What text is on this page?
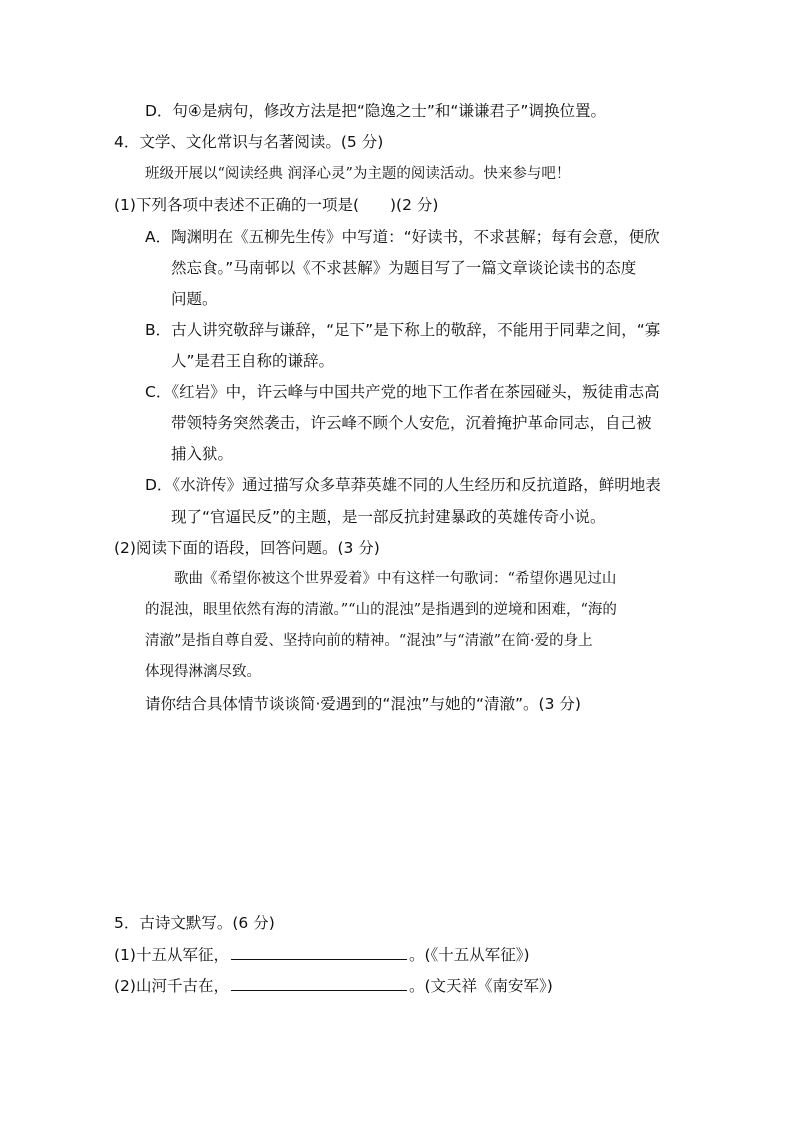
D．句④是病句，修改方法是把“隐逸之士”和“谦谦君子”调换位置。
4．文学、文化常识与名著阅读。(5 分)
班级开展以“阅读经典 润泽心灵”为主题的阅读活动。快来参与吧！
(1)下列各项中表述不正确的一项是(　　)(2 分)
A．陶渊明在《五柳先生传》中写道：“好读书，不求甚解；每有会意，便欣
然忘食。”马南邨以《不求甚解》为题目写了一篇文章谈论读书的态度
问题。
B．古人讲究敬辞与谦辞，“足下”是下称上的敬辞，不能用于同辈之间，“寡
人”是君王自称的谦辞。
C．《红岩》中，许云峰与中国共产党的地下工作者在茶园碰头，叛徒甫志高
带领特务突然袭击，许云峰不顾个人安危，沉着掩护革命同志，自己被
捕入狱。
D．《水浒传》通过描写众多草莽英雄不同的人生经历和反抗道路，鲜明地表
现了“官逼民反”的主题，是一部反抗封建暴政的英雄传奇小说。
(2)阅读下面的语段，回答问题。(3 分)
歌曲《希望你被这个世界爱着》中有这样一句歌词：“希望你遇见过山
的混浊，眼里依然有海的清澈。”“山的混浊”是指遇到的逆境和困难，“海的
清澈”是指自尊自爱、坚持向前的精神。“混浊”与“清澈”在简·爱的身上
体现得淋漓尽致。
请你结合具体情节谈谈简·爱遇到的“混浊”与她的“清澈”。(3 分)
5．古诗文默写。(6 分)
(1)十五从军征，	。(《十五从军征》)
(2)山河千古在，	。(文天祥《南安军》)
